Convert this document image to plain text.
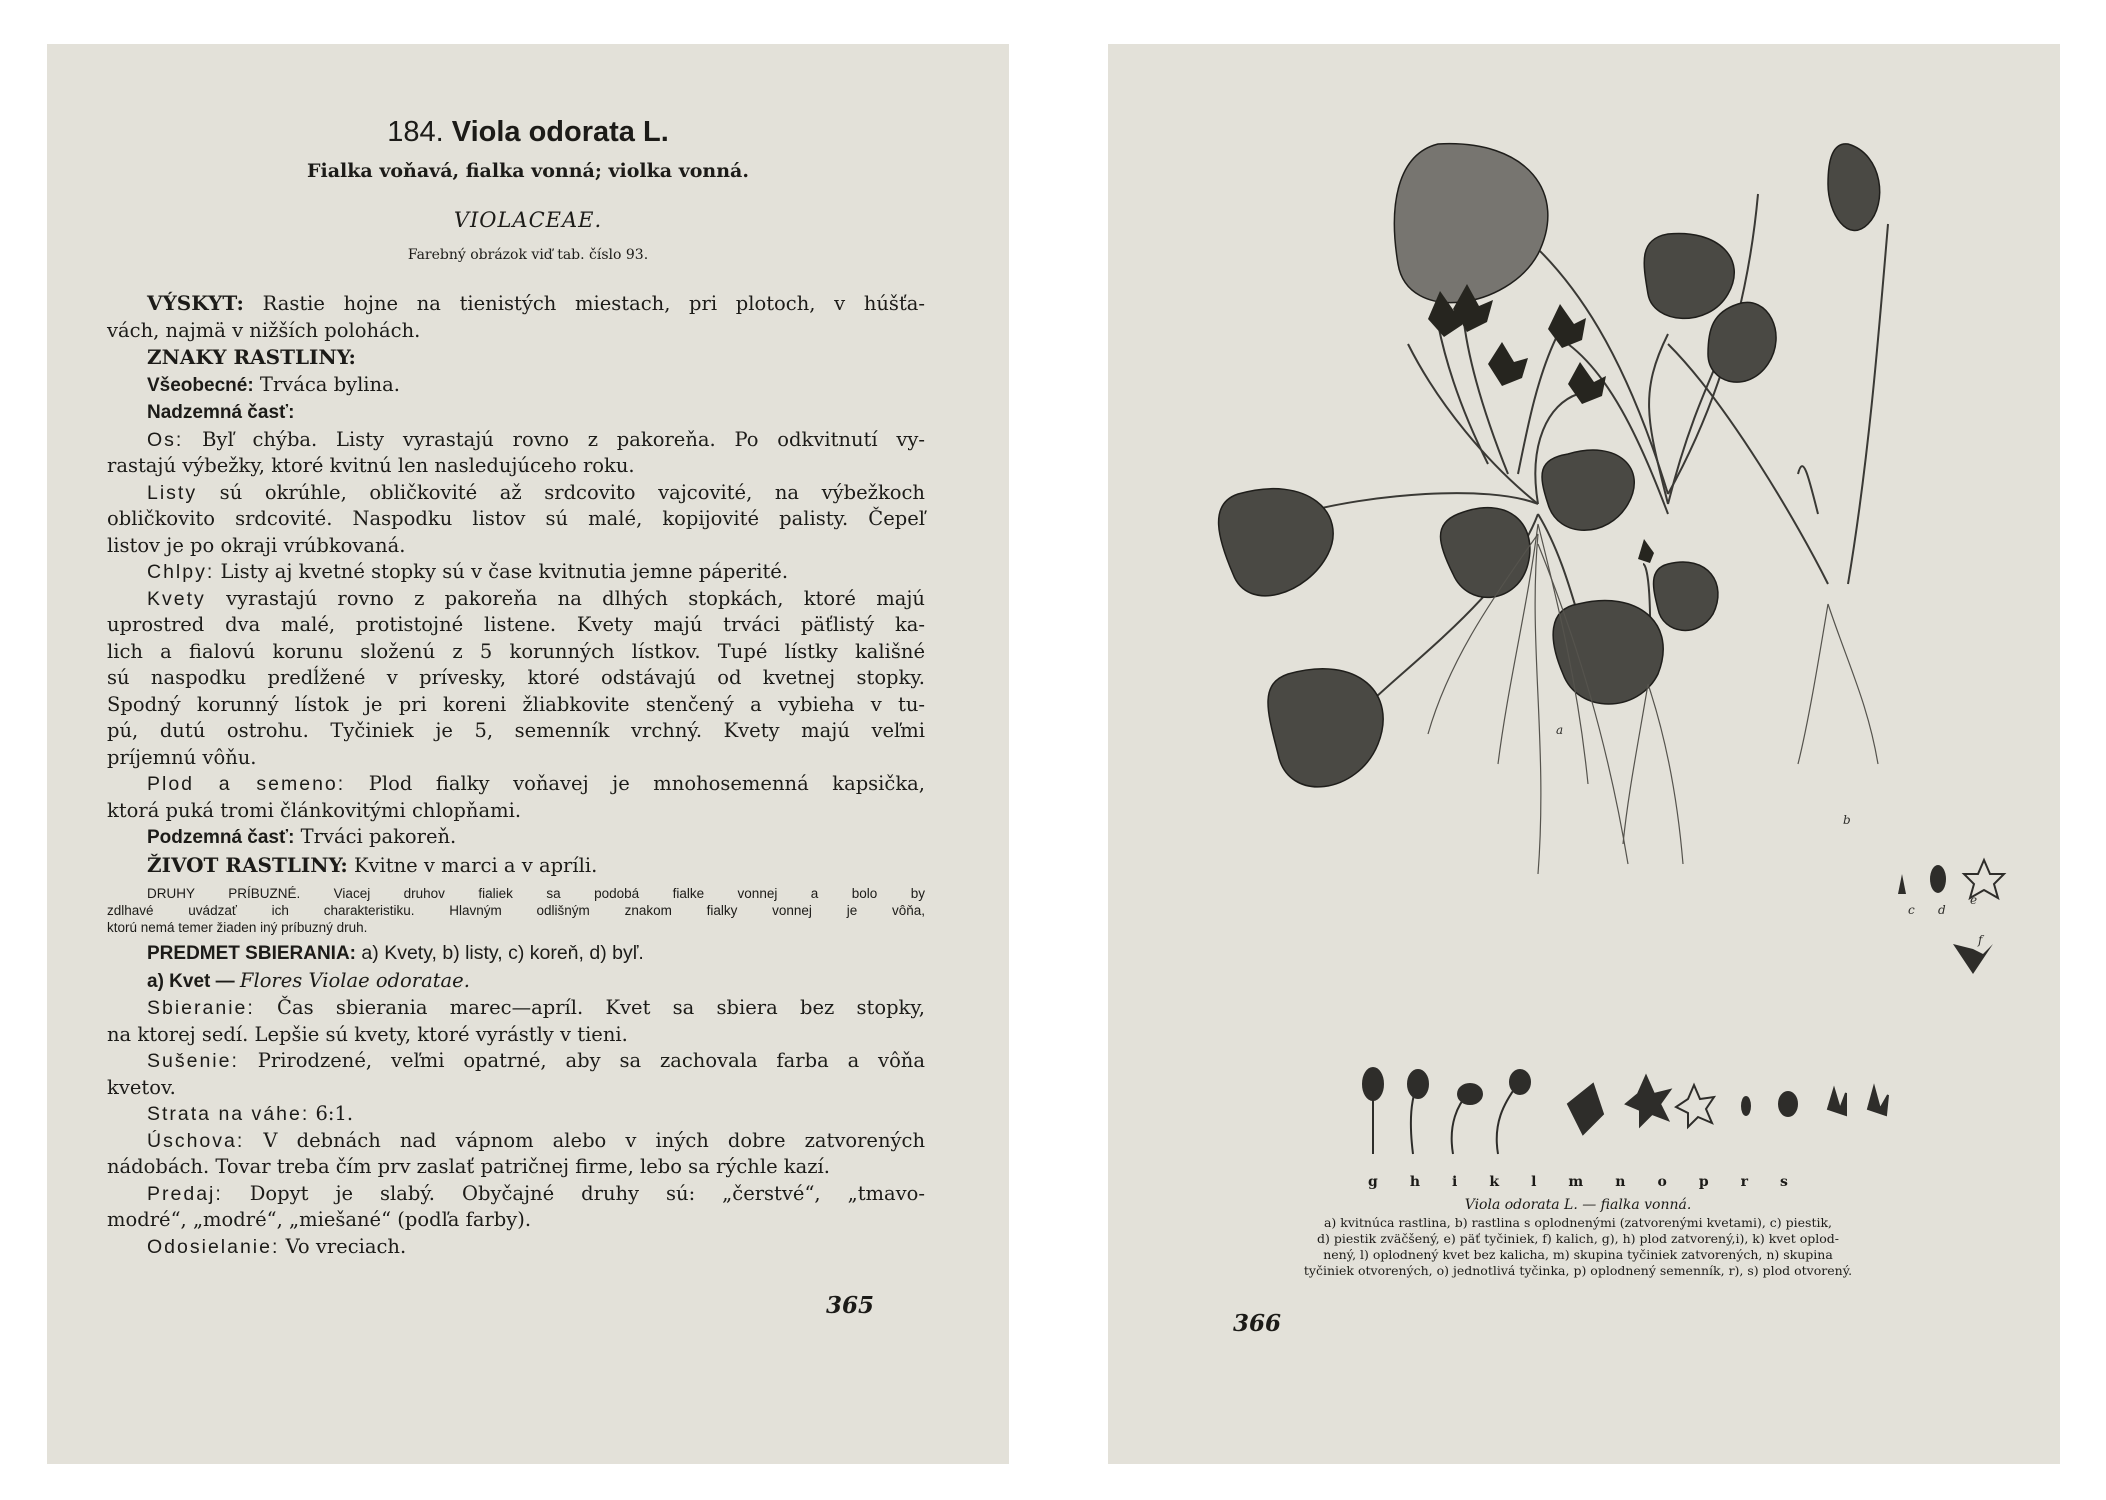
184. Viola odorata L.
Fialka voňavá, fialka vonná; violka vonná.
VIOLACEAE.
Farebný obrázok viď tab. číslo 93.

VÝSKYT: Rastie hojne na tienistých miestach, pri plotoch, v húšťa-

vách, najmä v nižších polohách.

ZNAKY RASTLINY:

Všeobecné: Trváca bylina.

Nadzemná časť:

Os: Byľ chýba. Listy vyrastajú rovno z pakoreňa. Po odkvitnutí vy-

rastajú výbežky, ktoré kvitnú len nasledujúceho roku.

Listy sú okrúhle, obličkovité až srdcovito vajcovité, na výbežkoch

obličkovito srdcovité. Naspodku listov sú malé, kopijovité palisty. Čepeľ

listov je po okraji vrúbkovaná.

Chlpy: Listy aj kvetné stopky sú v čase kvitnutia jemne páperité.

Kvety vyrastajú rovno z pakoreňa na dlhých stopkách, ktoré majú

uprostred dva malé, protistojné listene. Kvety majú trváci päťlistý ka-

lich a fialovú korunu složenú z 5 korunných lístkov. Tupé lístky kališné

sú naspodku predĺžené v prívesky, ktoré odstávajú od kvetnej stopky.

Spodný korunný lístok je pri koreni žliabkovite stenčený a vybieha v tu-

pú, dutú ostrohu. Tyčiniek je 5, semenník vrchný. Kvety majú veľmi

príjemnú vôňu.

Plod a semeno: Plod fialky voňavej je mnohosemenná kapsička,

ktorá puká tromi článkovitými chlopňami.

Podzemná časť: Trváci pakoreň.

ŽIVOT RASTLINY: Kvitne v marci a v apríli.

DRUHY PRÍBUZNÉ. Viacej druhov fialiek sa podobá fialke vonnej a bolo by

zdlhavé uvádzať ich charakteristiku. Hlavným odlišným znakom fialky vonnej je vôňa,

ktorú nemá temer žiaden iný príbuzný druh.

PREDMET SBIERANIA: a) Kvety, b) listy, c) koreň, d) byľ.

a) Kvet — Flores Violae odoratae.

Sbieranie: Čas sbierania marec—apríl. Kvet sa sbiera bez stopky,

na ktorej sedí. Lepšie sú kvety, ktoré vyrástly v tieni.

Sušenie: Prirodzené, veľmi opatrné, aby sa zachovala farba a vôňa

kvetov.

Strata na váhe: 6:1.

Úschova: V debnách nad vápnom alebo v iných dobre zatvorených

nádobách. Tovar treba čím prv zaslať patričnej firme, lebo sa rýchle kazí.

Predaj: Dopyt je slabý. Obyčajné druhy sú: „čerstvé“, „tmavo-

modré“, „modré“, „miešané“ (podľa farby).

Odosielanie: Vo vreciach.

365
c d
e
f
a
b
g h i k l m n o p r s
Viola odorata L. — fialka vonná.
a) kvitnúca rastlina, b) rastlina s oplodnenými (zatvorenými kvetami), c) piestik,
d) piestik zväčšený, e) päť tyčiniek, f) kalich, g), h) plod zatvorený,i), k) kvet oplod-
nený, l) oplodnený kvet bez kalicha, m) skupina tyčiniek zatvorených, n) skupina
tyčiniek otvorených, o) jednotlivá tyčinka, p) oplodnený semenník, r), s) plod otvorený.
366
